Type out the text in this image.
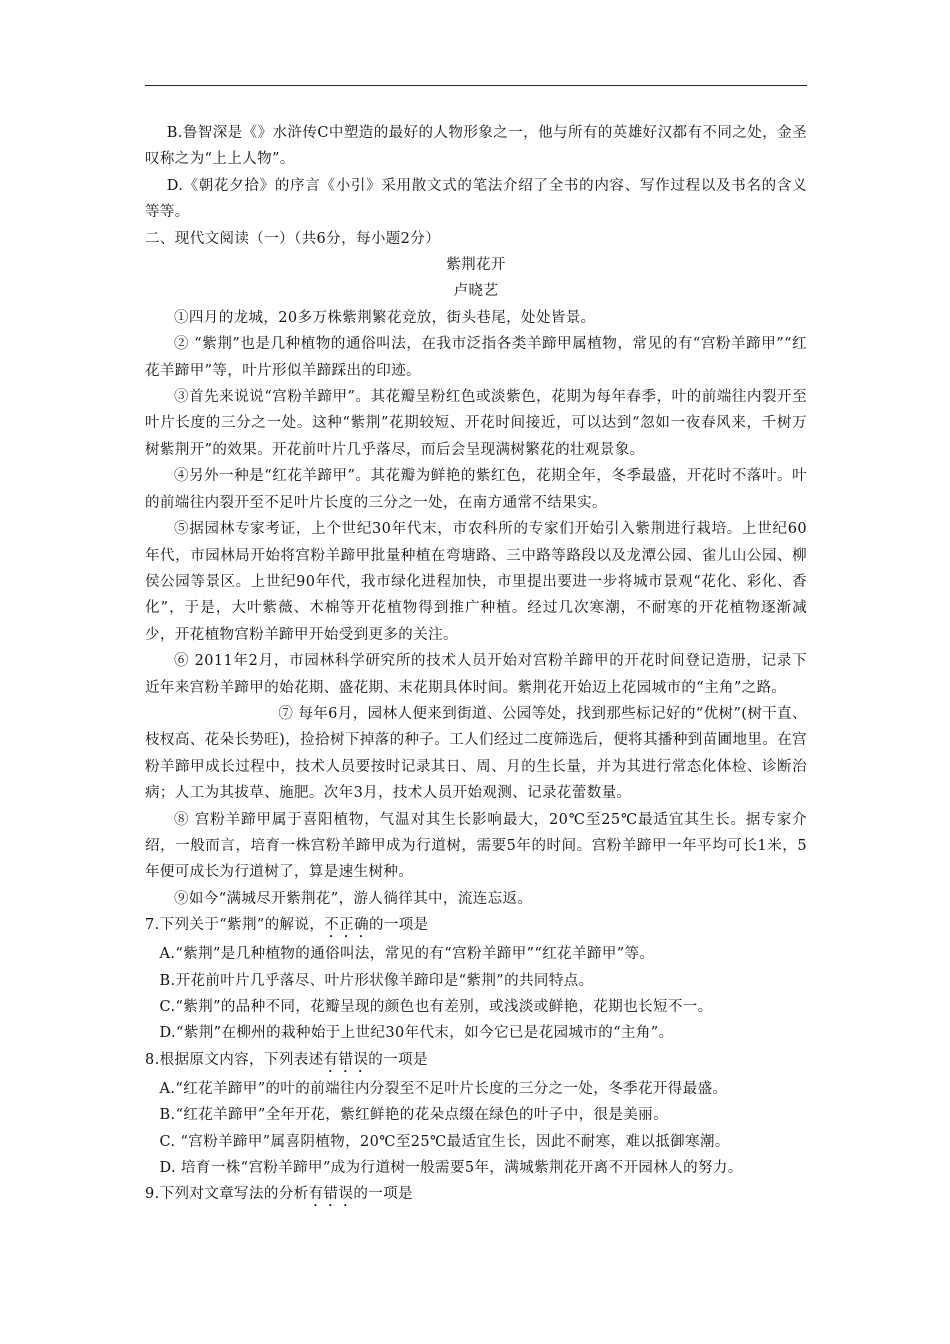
B.鲁智深是《》水浒传C中塑造的最好的人物形象之一，他与所有的英雄好汉都有不同之处，金圣叹称之为“上上人物”。

D.《朝花夕拾》的序言《小引》采用散文式的笔法介绍了全书的内容、写作过程以及书名的含义等等。

二、现代文阅读（一）（共6分，每小题2分）

紫荆花开

卢晓艺

①四月的龙城，20多万株紫荆繁花竞放，街头巷尾，处处皆景。

② “紫荆”也是几种植物的通俗叫法，在我市泛指各类羊蹄甲属植物，常见的有“宫粉羊蹄甲”“红花羊蹄甲”等，叶片形似羊蹄踩出的印迹。

③首先来说说“宫粉羊蹄甲”。其花瓣呈粉红色或淡紫色，花期为每年春季，叶的前端往内裂开至叶片长度的三分之一处。这种“紫荆”花期较短、开花时间接近，可以达到“忽如一夜春风来，千树万树紫荆开”的效果。开花前叶片几乎落尽，而后会呈现满树繁花的壮观景象。

④另外一种是“红花羊蹄甲”。其花瓣为鲜艳的紫红色，花期全年，冬季最盛，开花时不落叶。叶的前端往内裂开至不足叶片长度的三分之一处，在南方通常不结果实。

⑤据园林专家考证，上个世纪30年代末，市农科所的专家们开始引入紫荆进行栽培。上世纪60年代，市园林局开始将宫粉羊蹄甲批量种植在弯塘路、三中路等路段以及龙潭公园、雀儿山公园、柳侯公园等景区。上世纪90年代，我市绿化进程加快，市里提出要进一步将城市景观“花化、彩化、香化”，于是，大叶紫薇、木棉等开花植物得到推广种植。经过几次寒潮，不耐寒的开花植物逐渐减少，开花植物宫粉羊蹄甲开始受到更多的关注。

⑥ 2011年2月，市园林科学研究所的技术人员开始对宫粉羊蹄甲的开花时间登记造册，记录下近年来宫粉羊蹄甲的始花期、盛花期、末花期具体时间。紫荆花开始迈上花园城市的“主角”之路。

⑦ 每年6月，园林人便来到街道、公园等处，找到那些标记好的“优树”(树干直、枝杈高、花朵长势旺)，捡拾树下掉落的种子。工人们经过二度筛选后，便将其播种到苗圃地里。在宫粉羊蹄甲成长过程中，技术人员要按时记录其日、周、月的生长量，并为其进行常态化体检、诊断治病；人工为其拔草、施肥。次年3月，技术人员开始观测、记录花蕾数量。

⑧ 宫粉羊蹄甲属于喜阳植物，气温对其生长影响最大，20℃至25℃最适宜其生长。据专家介绍，一般而言，培育一株宫粉羊蹄甲成为行道树，需要5年的时间。宫粉羊蹄甲一年平均可长1米，5年便可成长为行道树了，算是速生树种。

⑨如今“满城尽开紫荆花”，游人徜徉其中，流连忘返。

7.下列关于“紫荆”的解说，不正确的一项是

A.“紫荆”是几种植物的通俗叫法，常见的有“宫粉羊蹄甲”“红花羊蹄甲”等。

B.开花前叶片几乎落尽、叶片形状像羊蹄印是“紫荆”的共同特点。

C.“紫荆”的品种不同，花瓣呈现的颜色也有差别，或浅淡或鲜艳，花期也长短不一。

D.“紫荆”在柳州的栽种始于上世纪30年代末，如今它已是花园城市的“主角”。

8.根据原文内容，下列表述有错误的一项是

A.“红花羊蹄甲”的叶的前端往内分裂至不足叶片长度的三分之一处，冬季花开得最盛。

B.“红花羊蹄甲”全年开花，紫红鲜艳的花朵点缀在绿色的叶子中，很是美丽。

C. “宫粉羊蹄甲”属喜阴植物，20℃至25℃最适宜生长，因此不耐寒，难以抵御寒潮。

D. 培育一株“宫粉羊蹄甲”成为行道树一般需要5年，满城紫荆花开离不开园林人的努力。

9.下列对文章写法的分析有错误的一项是
